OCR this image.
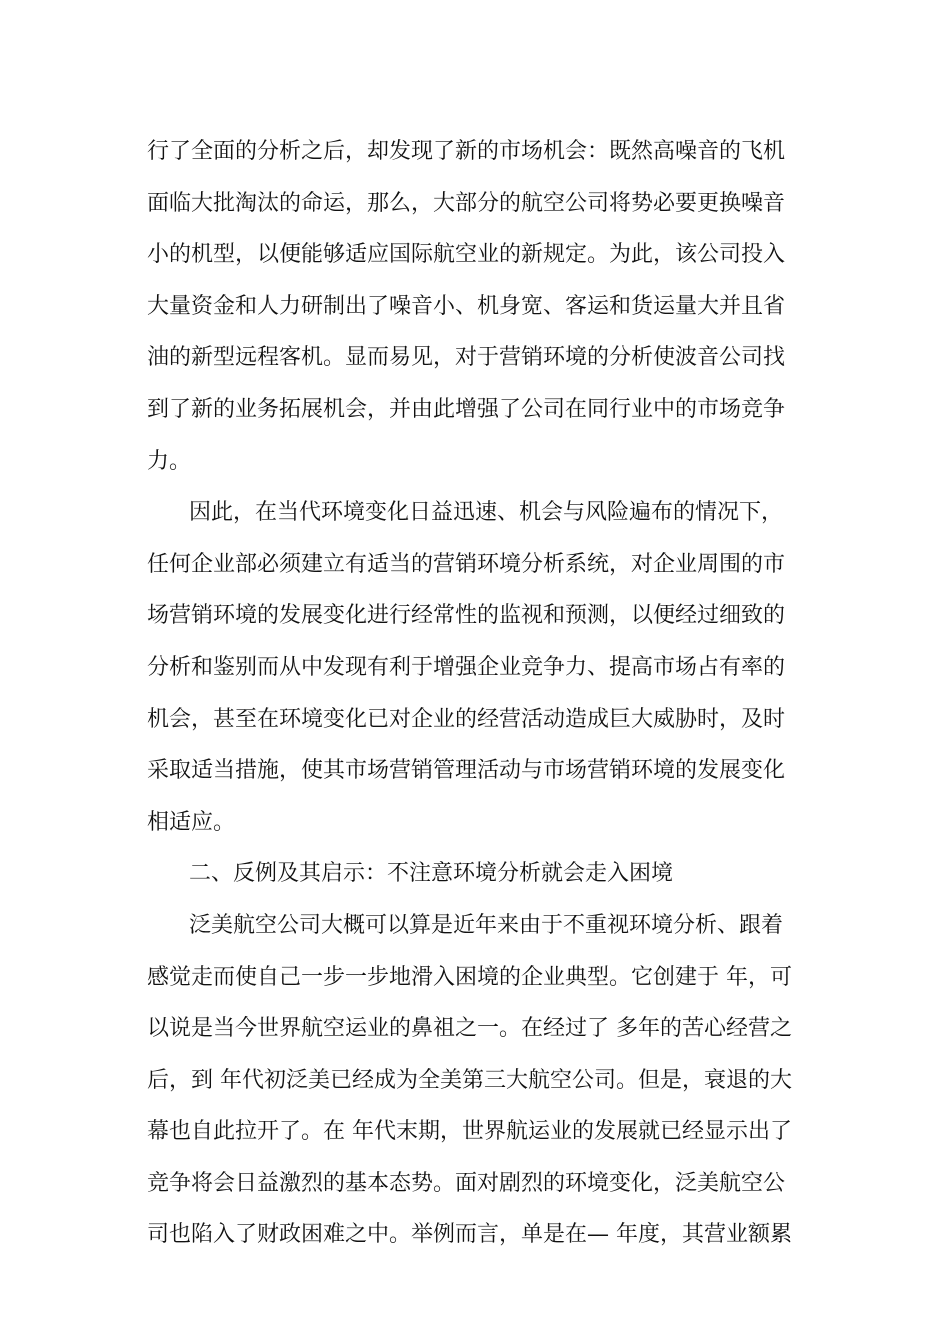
行了全面的分析之后，却发现了新的市场机会：既然高噪音的飞机
面临大批淘汰的命运，那么，大部分的航空公司将势必要更换噪音
小的机型，以便能够适应国际航空业的新规定。为此，该公司投入
大量资金和人力研制出了噪音小、机身宽、客运和货运量大并且省
油的新型远程客机。显而易见，对于营销环境的分析使波音公司找
到了新的业务拓展机会，并由此增强了公司在同行业中的市场竞争
力。
因此，在当代环境变化日益迅速、机会与风险遍布的情况下，
任何企业部必须建立有适当的营销环境分析系统，对企业周围的市
场营销环境的发展变化进行经常性的监视和预测，以便经过细致的
分析和鉴别而从中发现有利于增强企业竞争力、提高市场占有率的
机会，甚至在环境变化已对企业的经营活动造成巨大威胁时，及时
采取适当措施，使其市场营销管理活动与市场营销环境的发展变化
相适应。
二、反例及其启示：不注意环境分析就会走入困境
泛美航空公司大概可以算是近年来由于不重视环境分析、跟着
感觉走而使自己一步一步地滑入困境的企业典型。它创建于 年，可
以说是当今世界航空运业的鼻祖之一。在经过了 多年的苦心经营之
后，到 年代初泛美已经成为全美第三大航空公司。但是，衰退的大
幕也自此拉开了。在 年代末期，世界航运业的发展就已经显示出了
竞争将会日益激烈的基本态势。面对剧烈的环境变化，泛美航空公
司也陷入了财政困难之中。举例而言，单是在— 年度，其营业额累
